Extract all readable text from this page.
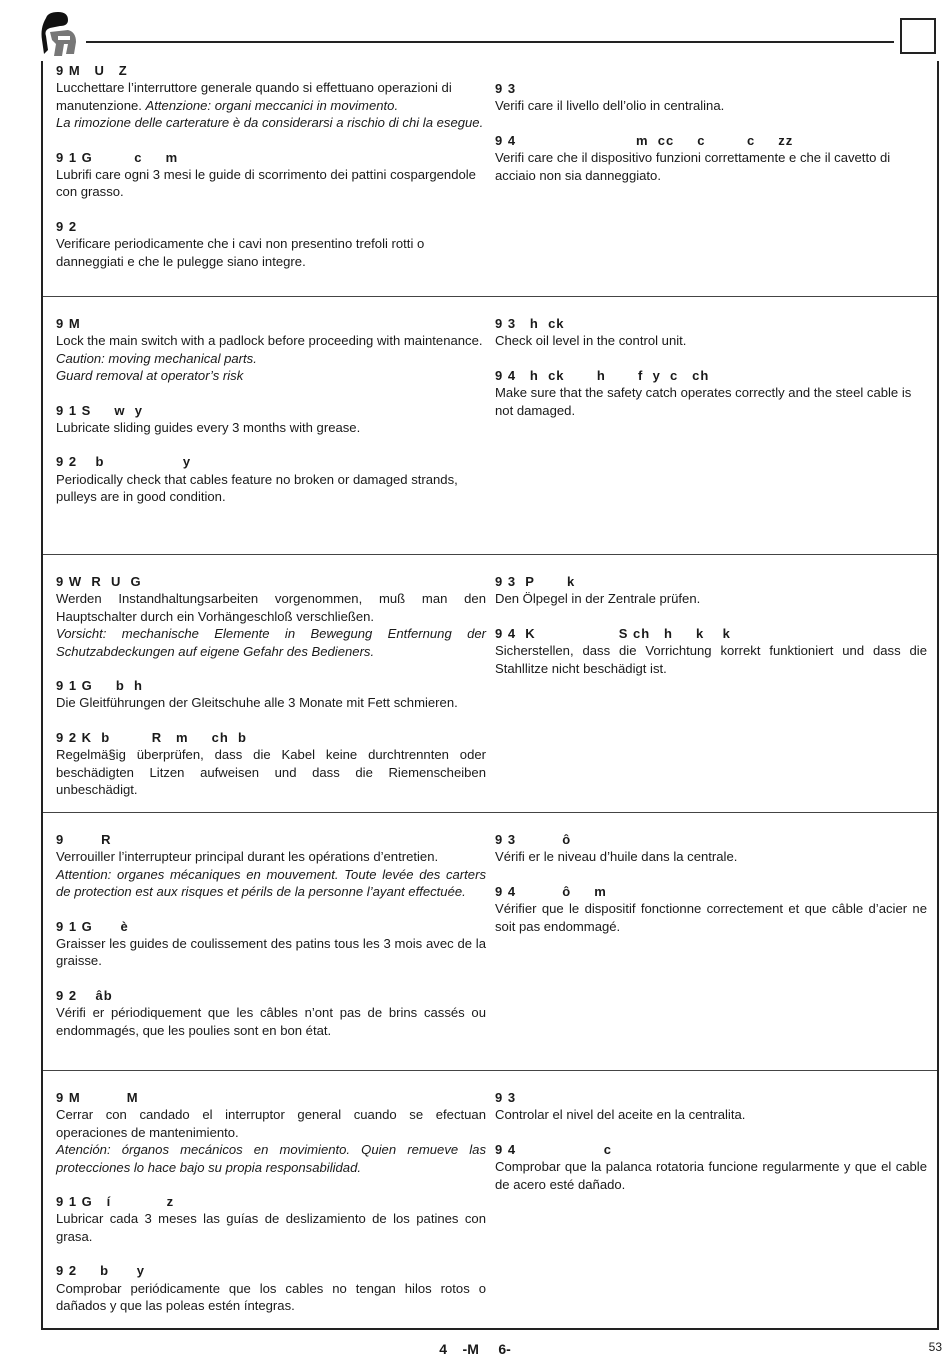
9 M   U   Z
Lucchettare l’interruttore generale quando si effettuano operazioni di manutenzione. Attenzione: organi meccanici in movimento.
La rimozione delle carterature è da considerarsi a rischio di chi la esegue.
9 1 G         c     m
Lubrifi care ogni 3 mesi le guide di scorrimento dei pattini cospargendole con grasso.
9 2
Verificare periodicamente che i cavi non presentino trefoli rotti o danneggiati e che le pulegge siano integre.
9 3
Verifi care il livello dell’olio in centralina.
9 4                          m  cc     c         c     zz
Verifi care che il dispositivo funzioni correttamente e che il cavetto di acciaio non sia danneggiato.
9 M
Lock the main switch with a padlock before proceeding with maintenance.
Caution: moving mechanical parts.
Guard removal at operator’s risk
9 1 S     w  y
Lubricate sliding guides every 3 months with grease.
9 2    b                 y
Periodically check that cables feature no broken or damaged strands, pulleys are in good condition.
9 3   h  ck
Check oil level in the control unit.
9 4   h  ck       h       f  y  c   ch
Make sure that the safety catch operates correctly and the steel cable is not damaged.
9 W  R  U  G
Werden Instandhaltungsarbeiten vorgenommen, muß man den Hauptschalter durch ein Vorhängeschloß verschließen.
Vorsicht: mechanische Elemente in Bewegung Entfernung der Schutzabdeckungen auf eigene Gefahr des Bedieners.
9 1 G     b  h
Die Gleitführungen der Gleitschuhe alle 3 Monate mit Fett schmieren.
9 2 K  b         R   m     ch  b
Regelmä§ig überprüfen, dass die Kabel keine durchtrennten oder beschädigten Litzen aufweisen und dass die Riemenscheiben unbeschädigt.
9 3  P       k
Den Ölpegel in der Zentrale prüfen.
9 4  K                  S ch   h     k    k
Sicherstellen, dass die Vorrichtung korrekt funktioniert und dass die Stahllitze nicht beschädigt ist.
9        R
Verrouiller l’interrupteur principal durant les opérations d’entretien.
Attention: organes mécaniques en mouvement. Toute levée des carters de protection est aux risques et périls de la personne l’ayant effectuée.
9 1 G      è
Graisser les guides de coulissement des patins tous les 3 mois avec de la graisse.
9 2    âb
Vérifi er périodiquement que les câbles n’ont pas de brins cassés ou endommagés, que les poulies sont en bon état.
9 3          ô
Vérifi er le niveau d’huile dans la centrale.
9 4          ô     m
Vérifier que le dispositif fonctionne correctement et que câble d’acier ne soit pas endommagé.
9 M          M
Cerrar con candado el interruptor general cuando se efectuan operaciones de mantenimiento.
Atención: órganos mecánicos en movimiento. Quien remueve las protecciones lo hace bajo su propia responsabilidad.
9 1 G   í            z
Lubricar cada 3 meses las guías de deslizamiento de los patines con grasa.
9 2     b      y
Comprobar periódicamente que los cables no tengan hilos rotos o dañados y que las poleas estén íntegras.
9 3
Controlar el nivel del aceite en la centralita.
9 4                   c
Comprobar que la palanca rotatoria funcione regularmente y que el cable de acero esté dañado.
4    -M     6-	53
